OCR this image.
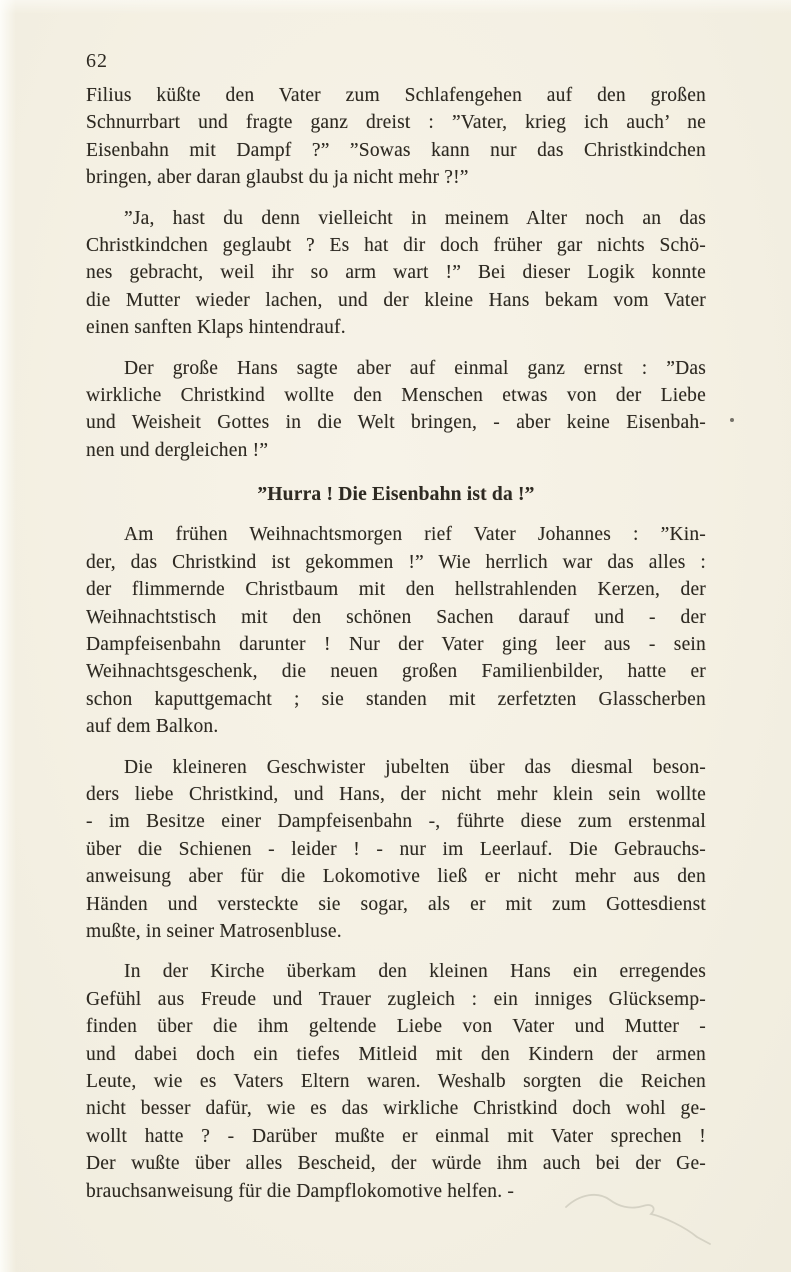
62

Filius küßte den Vater zum Schlafengehen auf den großen
Schnurrbart und fragte ganz dreist : ”Vater, krieg ich auch’ ne
Eisenbahn mit Dampf ?” ”Sowas kann nur das Christkindchen
bringen, aber daran glaubst du ja nicht mehr ?!”

”Ja, hast du denn vielleicht in meinem Alter noch an das
Christkindchen geglaubt ? Es hat dir doch früher gar nichts Schö-
nes gebracht, weil ihr so arm wart !” Bei dieser Logik konnte
die Mutter wieder lachen, und der kleine Hans bekam vom Vater
einen sanften Klaps hintendrauf.

Der große Hans sagte aber auf einmal ganz ernst : ”Das
wirkliche Christkind wollte den Menschen etwas von der Liebe
und Weisheit Gottes in die Welt bringen, - aber keine Eisenbah-
nen und dergleichen !”

”Hurra ! Die Eisenbahn ist da !”

Am frühen Weihnachtsmorgen rief Vater Johannes : ”Kin-
der, das Christkind ist gekommen !” Wie herrlich war das alles :
der flimmernde Christbaum mit den hellstrahlenden Kerzen, der
Weihnachtstisch mit den schönen Sachen darauf und - der
Dampfeisenbahn darunter ! Nur der Vater ging leer aus - sein
Weihnachtsgeschenk, die neuen großen Familienbilder, hatte er
schon kaputtgemacht ; sie standen mit zerfetzten Glasscherben
auf dem Balkon.

Die kleineren Geschwister jubelten über das diesmal beson-
ders liebe Christkind, und Hans, der nicht mehr klein sein wollte
- im Besitze einer Dampfeisenbahn -, führte diese zum erstenmal
über die Schienen - leider ! - nur im Leerlauf. Die Gebrauchs-
anweisung aber für die Lokomotive ließ er nicht mehr aus den
Händen und versteckte sie sogar, als er mit zum Gottesdienst
mußte, in seiner Matrosenbluse.

In der Kirche überkam den kleinen Hans ein erregendes
Gefühl aus Freude und Trauer zugleich : ein inniges Glücksemp-
finden über die ihm geltende Liebe von Vater und Mutter -
und dabei doch ein tiefes Mitleid mit den Kindern der armen
Leute, wie es Vaters Eltern waren. Weshalb sorgten die Reichen
nicht besser dafür, wie es das wirkliche Christkind doch wohl ge-
wollt hatte ? - Darüber mußte er einmal mit Vater sprechen !
Der wußte über alles Bescheid, der würde ihm auch bei der Ge-
brauchsanweisung für die Dampflokomotive helfen. -
